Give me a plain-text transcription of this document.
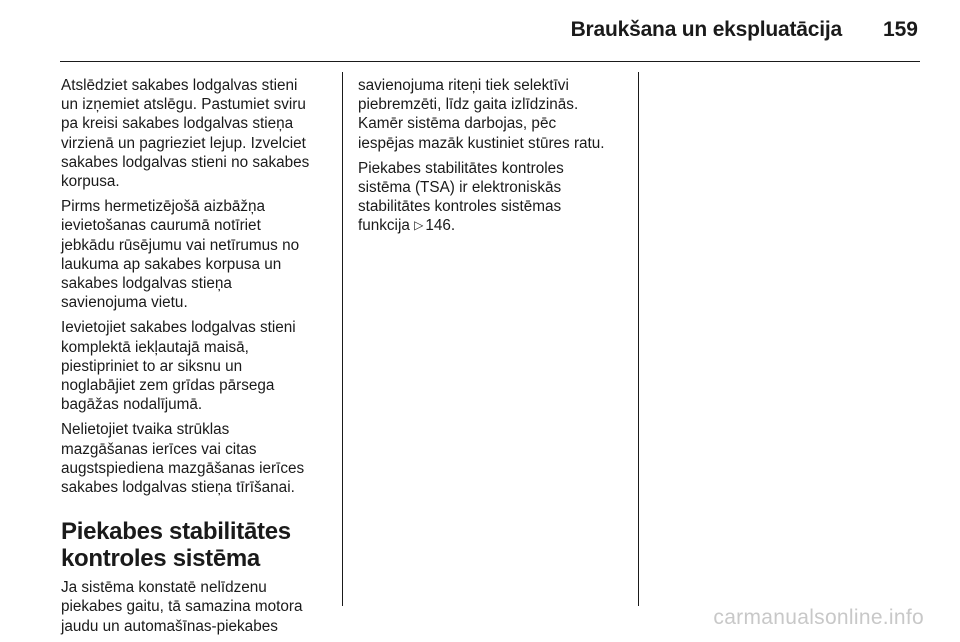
Braukšana un ekspluatācija 159

Atslēdziet sakabes lodgalvas stieni
un izņemiet atslēgu. Pastumiet sviru
pa kreisi sakabes lodgalvas stieņa
virzienā un pagrieziet lejup. Izvelciet
sakabes lodgalvas stieni no sakabes
korpusa.

Pirms hermetizējošā aizbāžņa
ievietošanas caurumā notīriet
jebkādu rūsējumu vai netīrumus no
laukuma ap sakabes korpusa un
sakabes lodgalvas stieņa
savienojuma vietu.

Ievietojiet sakabes lodgalvas stieni
komplektā iekļautajā maisā,
piestipriniet to ar siksnu un
noglabājiet zem grīdas pārsega
bagāžas nodalījumā.

Nelietojiet tvaika strūklas
mazgāšanas ierīces vai citas
augstspiediena mazgāšanas ierīces
sakabes lodgalvas stieņa tīrīšanai.

Piekabes stabilitātes
kontroles sistēma

Ja sistēma konstatē nelīdzenu
piekabes gaitu, tā samazina motora
jaudu un automašīnas-piekabes

savienojuma riteņi tiek selektīvi
piebremzēti, līdz gaita izlīdzinās.
Kamēr sistēma darbojas, pēc
iespējas mazāk kustiniet stūres ratu.

Piekabes stabilitātes kontroles
sistēma (TSA) ir elektroniskās
stabilitātes kontroles sistēmas
funkcija ▷ 146.

carmanualsonline.info
